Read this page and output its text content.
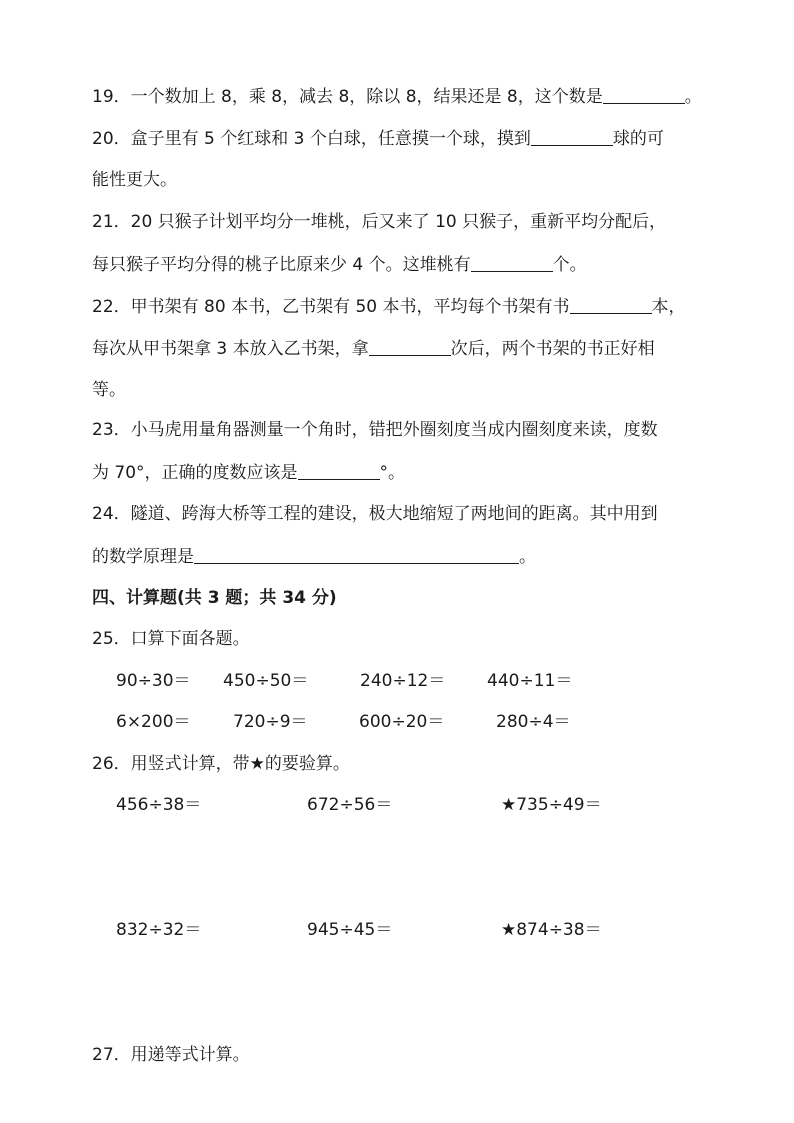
19．一个数加上 8，乘 8，减去 8，除以 8，结果还是 8，这个数是	。
20．盒子里有 5 个红球和 3 个白球，任意摸一个球，摸到	球的可
能性更大。
21．20 只猴子计划平均分一堆桃，后又来了 10 只猴子，重新平均分配后，
每只猴子平均分得的桃子比原来少 4 个。这堆桃有	个。
22．甲书架有 80 本书，乙书架有 50 本书，平均每个书架有书	本，
每次从甲书架拿 3 本放入乙书架，拿	次后，两个书架的书正好相
等。
23．小马虎用量角器测量一个角时，错把外圈刻度当成内圈刻度来读，度数
为 70°，正确的度数应该是	°。
24．隧道、跨海大桥等工程的建设，极大地缩短了两地间的距离。其中用到
的数学原理是	。
四、计算题(共 3 题；共 34 分)
25．口算下面各题。
90÷30＝ 450÷50＝	240÷12＝ 440÷11＝
6×200＝ 720÷9＝	600÷20＝	280÷4＝
26．用竖式计算，带★的要验算。
456÷38＝	672÷56＝	★735÷49＝
832÷32＝	945÷45＝	★874÷38＝
27．用递等式计算。
